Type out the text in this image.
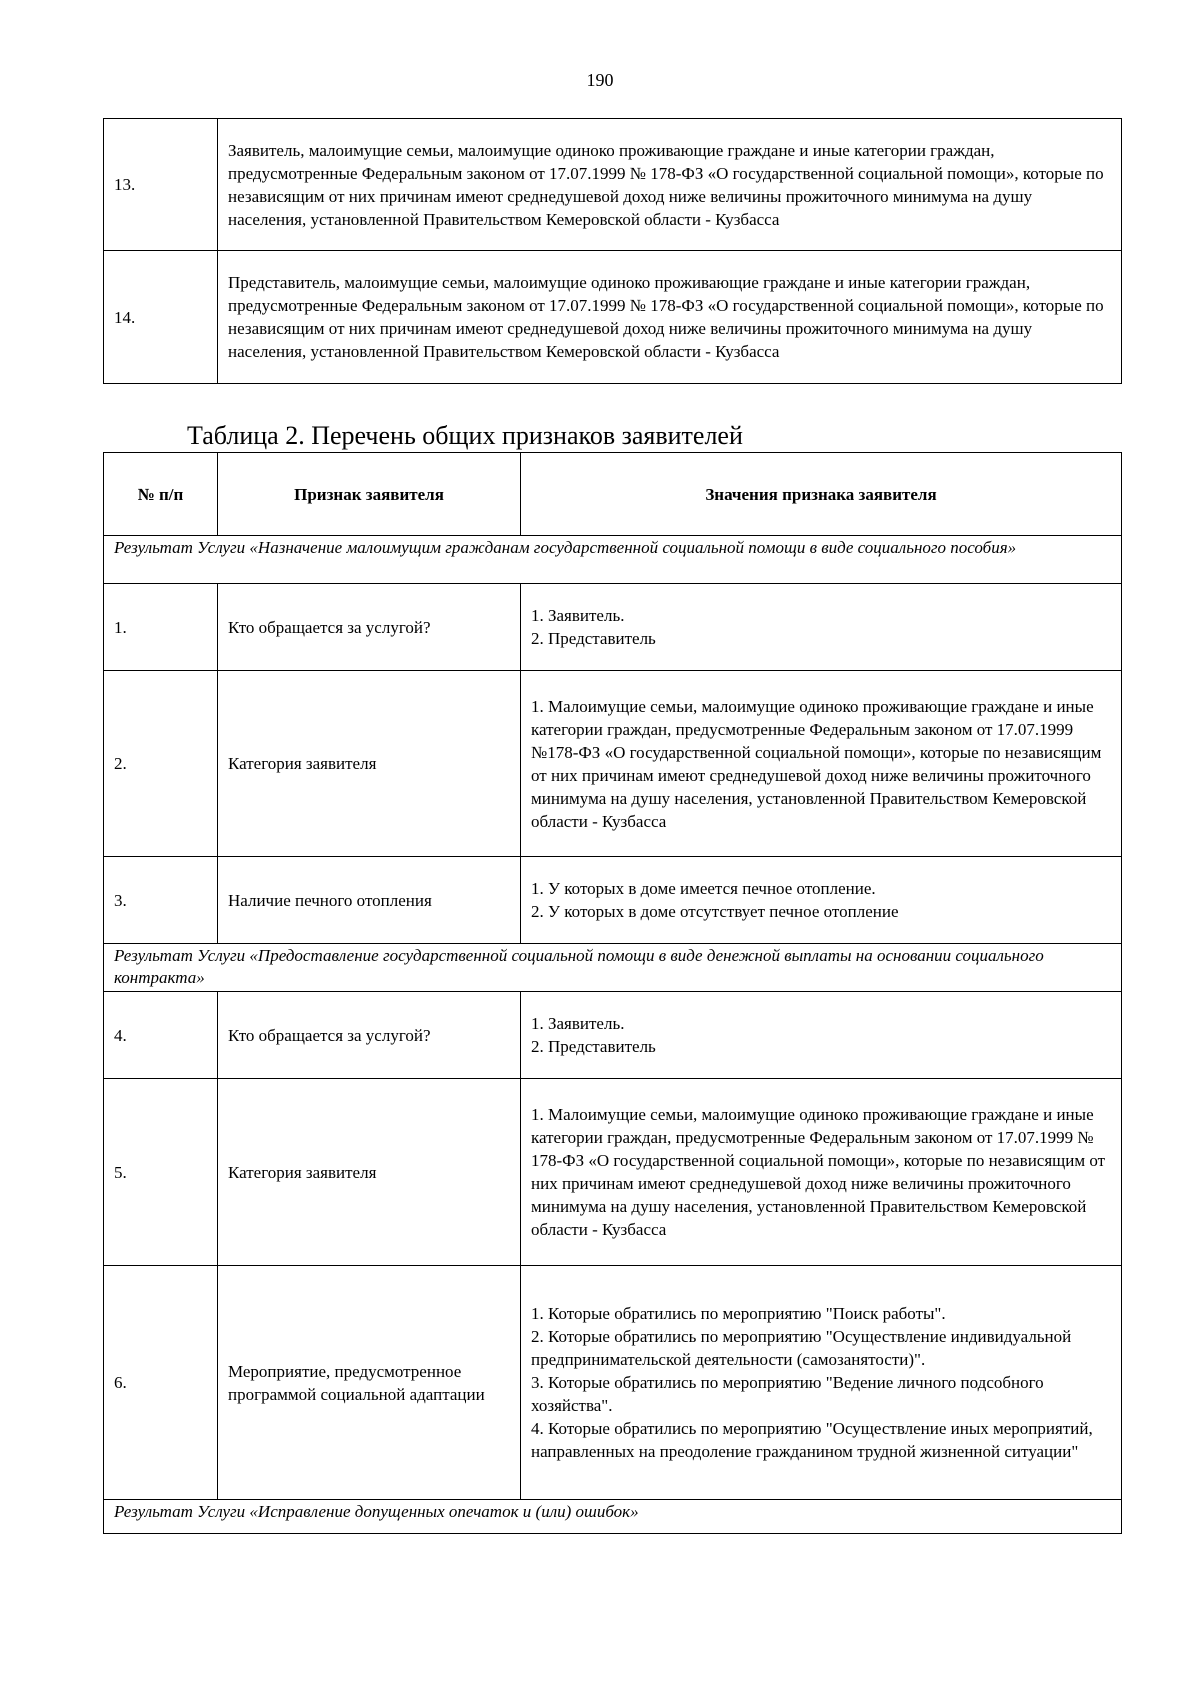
190
13.	Заявитель, малоимущие семьи, малоимущие одиноко проживающие граждане и иные категории граждан, предусмотренные Федеральным законом от 17.07.1999 № 178-ФЗ «О государственной социальной помощи», которые по независящим от них причинам имеют среднедушевой доход ниже величины прожиточного минимума на душу населения, установленной Правительством Кемеровской области - Кузбасса
14.	Представитель, малоимущие семьи, малоимущие одиноко проживающие граждане и иные категории граждан, предусмотренные Федеральным законом от 17.07.1999 № 178-ФЗ «О государственной социальной помощи», которые по независящим от них причинам имеют среднедушевой доход ниже величины прожиточного минимума на душу населения, установленной Правительством Кемеровской области - Кузбасса
Таблица 2. Перечень общих признаков заявителей
№ п/п	Признак заявителя	Значения признака заявителя
Результат Услуги «Назначение малоимущим гражданам государственной социальной помощи в виде социального пособия»		
1.	Кто обращается за услугой?	1. Заявитель.
2. Представитель

2.	Категория заявителя	1. Малоимущие семьи, малоимущие одиноко проживающие граждане и иные категории граждан, предусмотренные Федеральным законом от 17.07.1999 №178-ФЗ «О государственной социальной помощи», которые по независящим от них причинам имеют среднедушевой доход ниже величины прожиточного минимума на душу населения, установленной Правительством Кемеровской области - Кузбасса

3.	Наличие печного отопления	1. У которых в доме имеется печное отопление.
2. У которых в доме отсутствует печное отопление

Результат Услуги «Предоставление государственной социальной помощи в виде денежной выплаты на основании социального контракта»		
4.	Кто обращается за услугой?	1. Заявитель.
2. Представитель

5.	Категория заявителя	1. Малоимущие семьи, малоимущие одиноко проживающие граждане и иные категории граждан, предусмотренные Федеральным законом от 17.07.1999 № 178-ФЗ «О государственной социальной помощи», которые по независящим от них причинам имеют среднедушевой доход ниже величины прожиточного минимума на душу населения, установленной Правительством Кемеровской области - Кузбасса

6.	Мероприятие, предусмотренное программой социальной адаптации	1. Которые обратились по мероприятию "Поиск работы".
2. Которые обратились по мероприятию "Осуществление индивидуальной предпринимательской деятельности (самозанятости)".
3. Которые обратились по мероприятию "Ведение личного подсобного хозяйства".
4. Которые обратились по мероприятию "Осуществление иных мероприятий, направленных на преодоление гражданином трудной жизненной ситуации"

Результат Услуги «Исправление допущенных опечаток и (или) ошибок»		
